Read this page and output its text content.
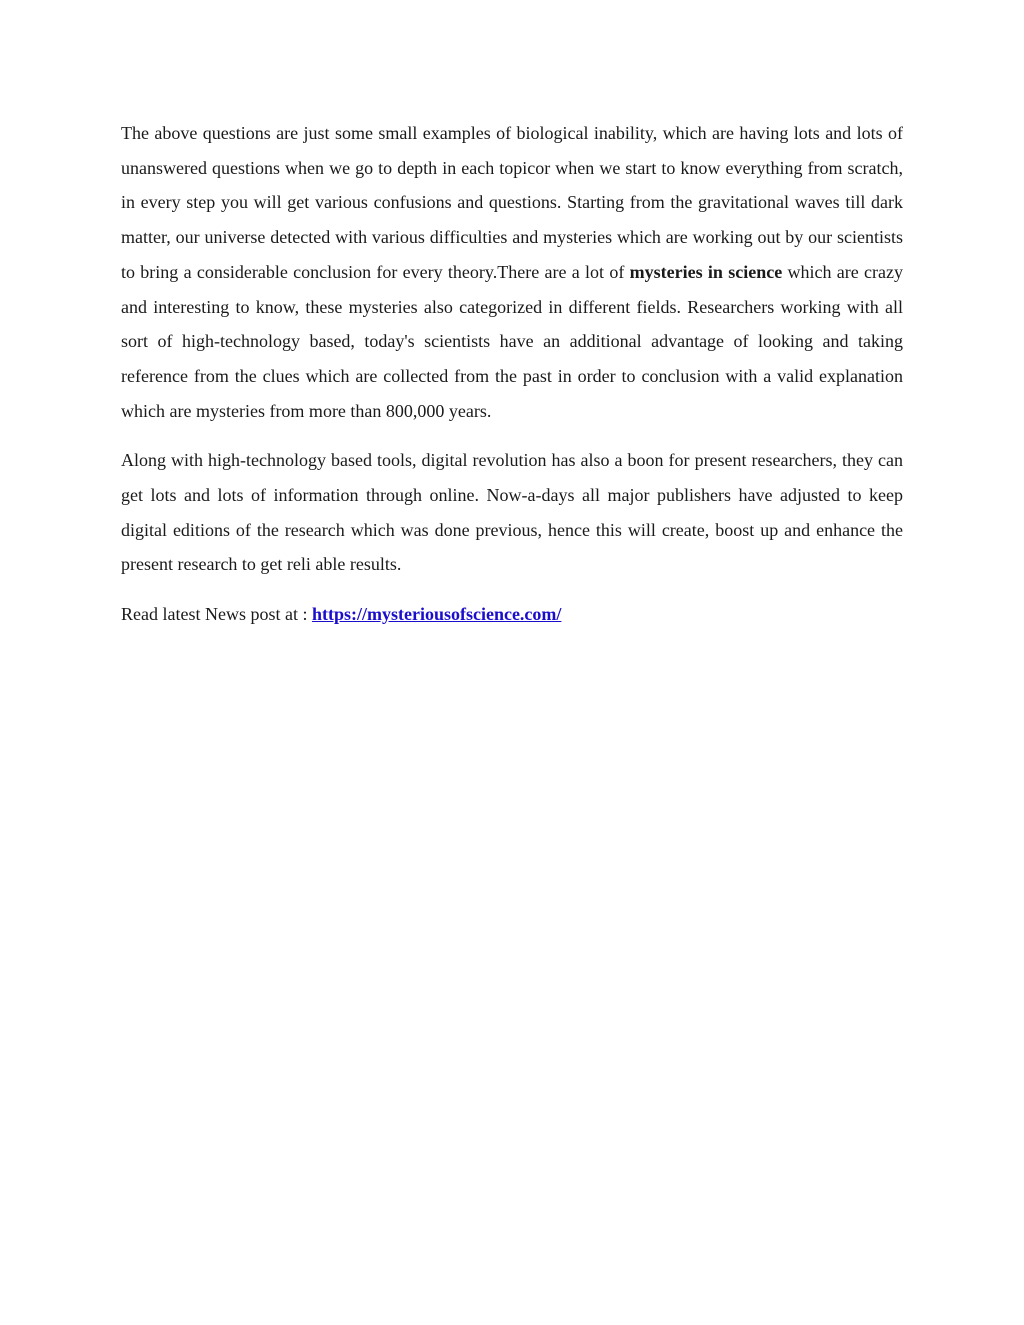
The above questions are just some small examples of biological inability, which are having lots and lots of unanswered questions when we go to depth in each topicor when we start to know everything from scratch, in every step you will get various confusions and questions. Starting from the gravitational waves till dark matter, our universe detected with various difficulties and mysteries which are working out by our scientists to bring a considerable conclusion for every theory.There are a lot of mysteries in science which are crazy and interesting to know, these mysteries also categorized in different fields. Researchers working with all sort of high-technology based, today's scientists have an additional advantage of looking and taking reference from the clues which are collected from the past in order to conclusion with a valid explanation which are mysteries from more than 800,000 years.

Along with high-technology based tools, digital revolution has also a boon for present researchers, they can get lots and lots of information through online. Now-a-days all major publishers have adjusted to keep digital editions of the research which was done previous, hence this will create, boost up and enhance the present research to get reli able results.

Read latest News post at : https://mysteriousofscience.com/
